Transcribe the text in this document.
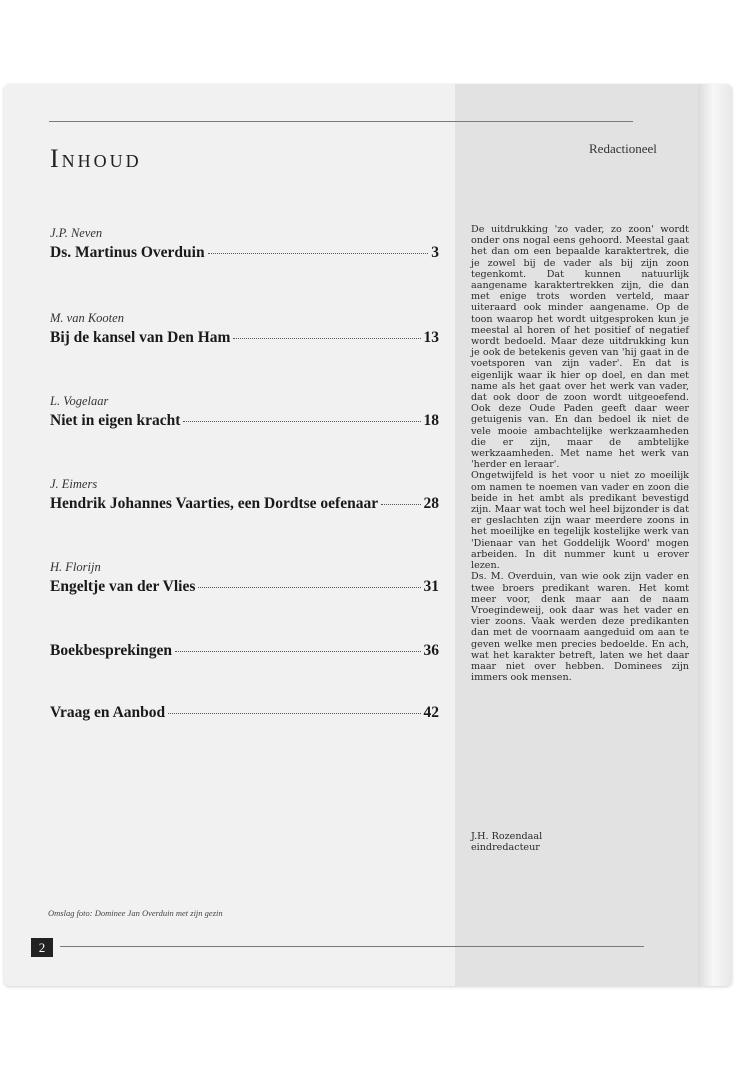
Inhoud	Redactioneel
J.P. Neven
Ds. Martinus Overduin	3
M. van Kooten
Bij de kansel van Den Ham	13
L. Vogelaar
Niet in eigen kracht	18
J. Eimers
Hendrik Johannes Vaarties, een Dordtse oefenaar	28
H. Florijn
Engeltje van der Vlies	31
Boekbesprekingen	36
Vraag en Aanbod	42

De uitdrukking 'zo vader, zo zoon' wordt onder ons nogal eens gehoord. Meestal gaat het dan om een bepaalde karaktertrek, die je zowel bij de vader als bij zijn zoon tegenkomt. Dat kunnen natuurlijk aangename karaktertrekken zijn, die dan met enige trots worden verteld, maar uiteraard ook minder aangename. Op de toon waarop het wordt uitgesproken kun je meestal al horen of het positief of negatief wordt bedoeld. Maar deze uitdrukking kun je ook de betekenis geven van 'hij gaat in de voetsporen van zijn vader'. En dat is eigenlijk waar ik hier op doel, en dan met name als het gaat over het werk van vader, dat ook door de zoon wordt uitgeoefend. Ook deze Oude Paden geeft daar weer getuigenis van. En dan bedoel ik niet de vele mooie ambachtelijke werkzaamheden die er zijn, maar de ambtelijke werkzaamheden. Met name het werk van 'herder en leraar'.

Ongetwijfeld is het voor u niet zo moeilijk om namen te noemen van vader en zoon die beide in het ambt als predikant bevestigd zijn. Maar wat toch wel heel bijzonder is dat er geslachten zijn waar meerdere zoons in het moeilijke en tegelijk kostelijke werk van 'Dienaar van het Goddelijk Woord' mogen arbeiden. In dit nummer kunt u erover lezen.

Ds. M. Overduin, van wie ook zijn vader en twee broers predikant waren. Het komt meer voor, denk maar aan de naam Vroegindeweij, ook daar was het vader en vier zoons. Vaak werden deze predikanten dan met de voornaam aangeduid om aan te geven welke men precies bedoelde. En ach, wat het karakter betreft, laten we het daar maar niet over hebben. Dominees zijn immers ook mensen.

J.H. Rozendaal
eindredacteur
Omslag foto: Dominee Jan Overduin met zijn gezin
2
